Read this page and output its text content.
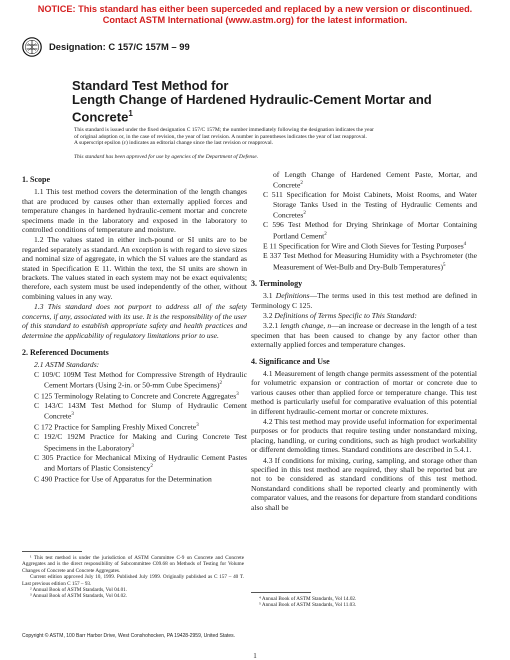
NOTICE: This standard has either been superceded and replaced by a new version or discontinued.
Contact ASTM International (www.astm.org) for the latest information.
Designation: C 157/C 157M – 99
Standard Test Method for
Length Change of Hardened Hydraulic-Cement Mortar and
Concrete$^1$
This standard is issued under the fixed designation C 157/C 157M; the number immediately following the designation indicates the year
of original adoption or, in the case of revision, the year of last revision. A number in parentheses indicates the year of last reapproval.
A superscript epsilon (ε) indicates an editorial change since the last revision or reapproval.
This standard has been approved for use by agencies of the Department of Defense.
1. Scope
1.1 This test method covers the determination of the length changes that are produced by causes other than externally applied forces and temperature changes in hardened hydraulic-cement mortar and concrete specimens made in the laboratory and exposed in the laboratory to controlled conditions of temperature and moisture.
1.2 The values stated in either inch-pound or SI units are to be regarded separately as standard. An exception is with regard to sieve sizes and nominal size of aggregate, in which the SI values are the standard as stated in Specification E 11. Within the text, the SI units are shown in brackets. The values stated in each system may not be exact equivalents; therefore, each system must be used independently of the other, without combining values in any way.
1.3 This standard does not purport to address all of the safety concerns, if any, associated with its use. It is the responsibility of the user of this standard to establish appropriate safety and health practices and determine the applicability of regulatory limitations prior to use.
2. Referenced Documents
2.1 ASTM Standards:
C 109/C 109M Test Method for Compressive Strength of Hydraulic Cement Mortars (Using 2-in. or 50-mm Cube Specimens)$^2$
C 125 Terminology Relating to Concrete and Concrete Aggregates$^3$
C 143/C 143M Test Method for Slump of Hydraulic Cement Concrete$^3$
C 172 Practice for Sampling Freshly Mixed Concrete$^3$
C 192/C 192M Practice for Making and Curing Concrete Test Specimens in the Laboratory$^3$
C 305 Practice for Mechanical Mixing of Hydraulic Cement Pastes and Mortars of Plastic Consistency$^2$
C 490 Practice for Use of Apparatus for the Determination
of Length Change of Hardened Cement Paste, Mortar, and Concrete$^2$
C 511 Specification for Moist Cabinets, Moist Rooms, and Water Storage Tanks Used in the Testing of Hydraulic Cements and Concretes$^2$
C 596 Test Method for Drying Shrinkage of Mortar Containing Portland Cement$^2$
E 11 Specification for Wire and Cloth Sieves for Testing Purposes$^4$
E 337 Test Method for Measuring Humidity with a Psychrometer (the Measurement of Wet-Bulb and Dry-Bulb Temperatures)$^5$
3. Terminology
3.1 Definitions—The terms used in this test method are defined in Terminology C 125.
3.2 Definitions of Terms Specific to This Standard:
3.2.1 length change, n—an increase or decrease in the length of a test specimen that has been caused to change by any factor other than externally applied forces and temperature changes.
4. Significance and Use
4.1 Measurement of length change permits assessment of the potential for volumetric expansion or contraction of mortar or concrete due to various causes other than applied force or temperature change. This test method is particularly useful for comparative evaluation of this potential in different hydraulic-cement mortar or concrete mixtures.
4.2 This test method may provide useful information for experimental purposes or for products that require testing under nonstandard mixing, placing, handling, or curing conditions, such as high product workability or different demolding times. Standard conditions are described in 5.4.1.
4.3 If conditions for mixing, curing, sampling, and storage other than specified in this test method are required, they shall be reported but are not to be considered as standard conditions of this test method. Nonstandard conditions shall be reported clearly and prominently with comparator values, and the reasons for departure from standard conditions also shall be
¹ This test method is under the jurisdiction of ASTM Committee C-9 on Concrete and Concrete Aggregates and is the direct responsibility of Subcommittee C09.68 on Methods of Testing for Volume Changes of Concrete and Concrete Aggregates.
Current edition approved July 10, 1999. Published July 1999. Originally published as C 157 – 40 T. Last previous edition C 157 – 93.
² Annual Book of ASTM Standards, Vol 04.01.
³ Annual Book of ASTM Standards, Vol 04.02.	⁴ Annual Book of ASTM Standards, Vol 14.02.
⁵ Annual Book of ASTM Standards, Vol 11.03.
Copyright © ASTM, 100 Barr Harbor Drive, West Conshohocken, PA 19428-2959, United States.
1
